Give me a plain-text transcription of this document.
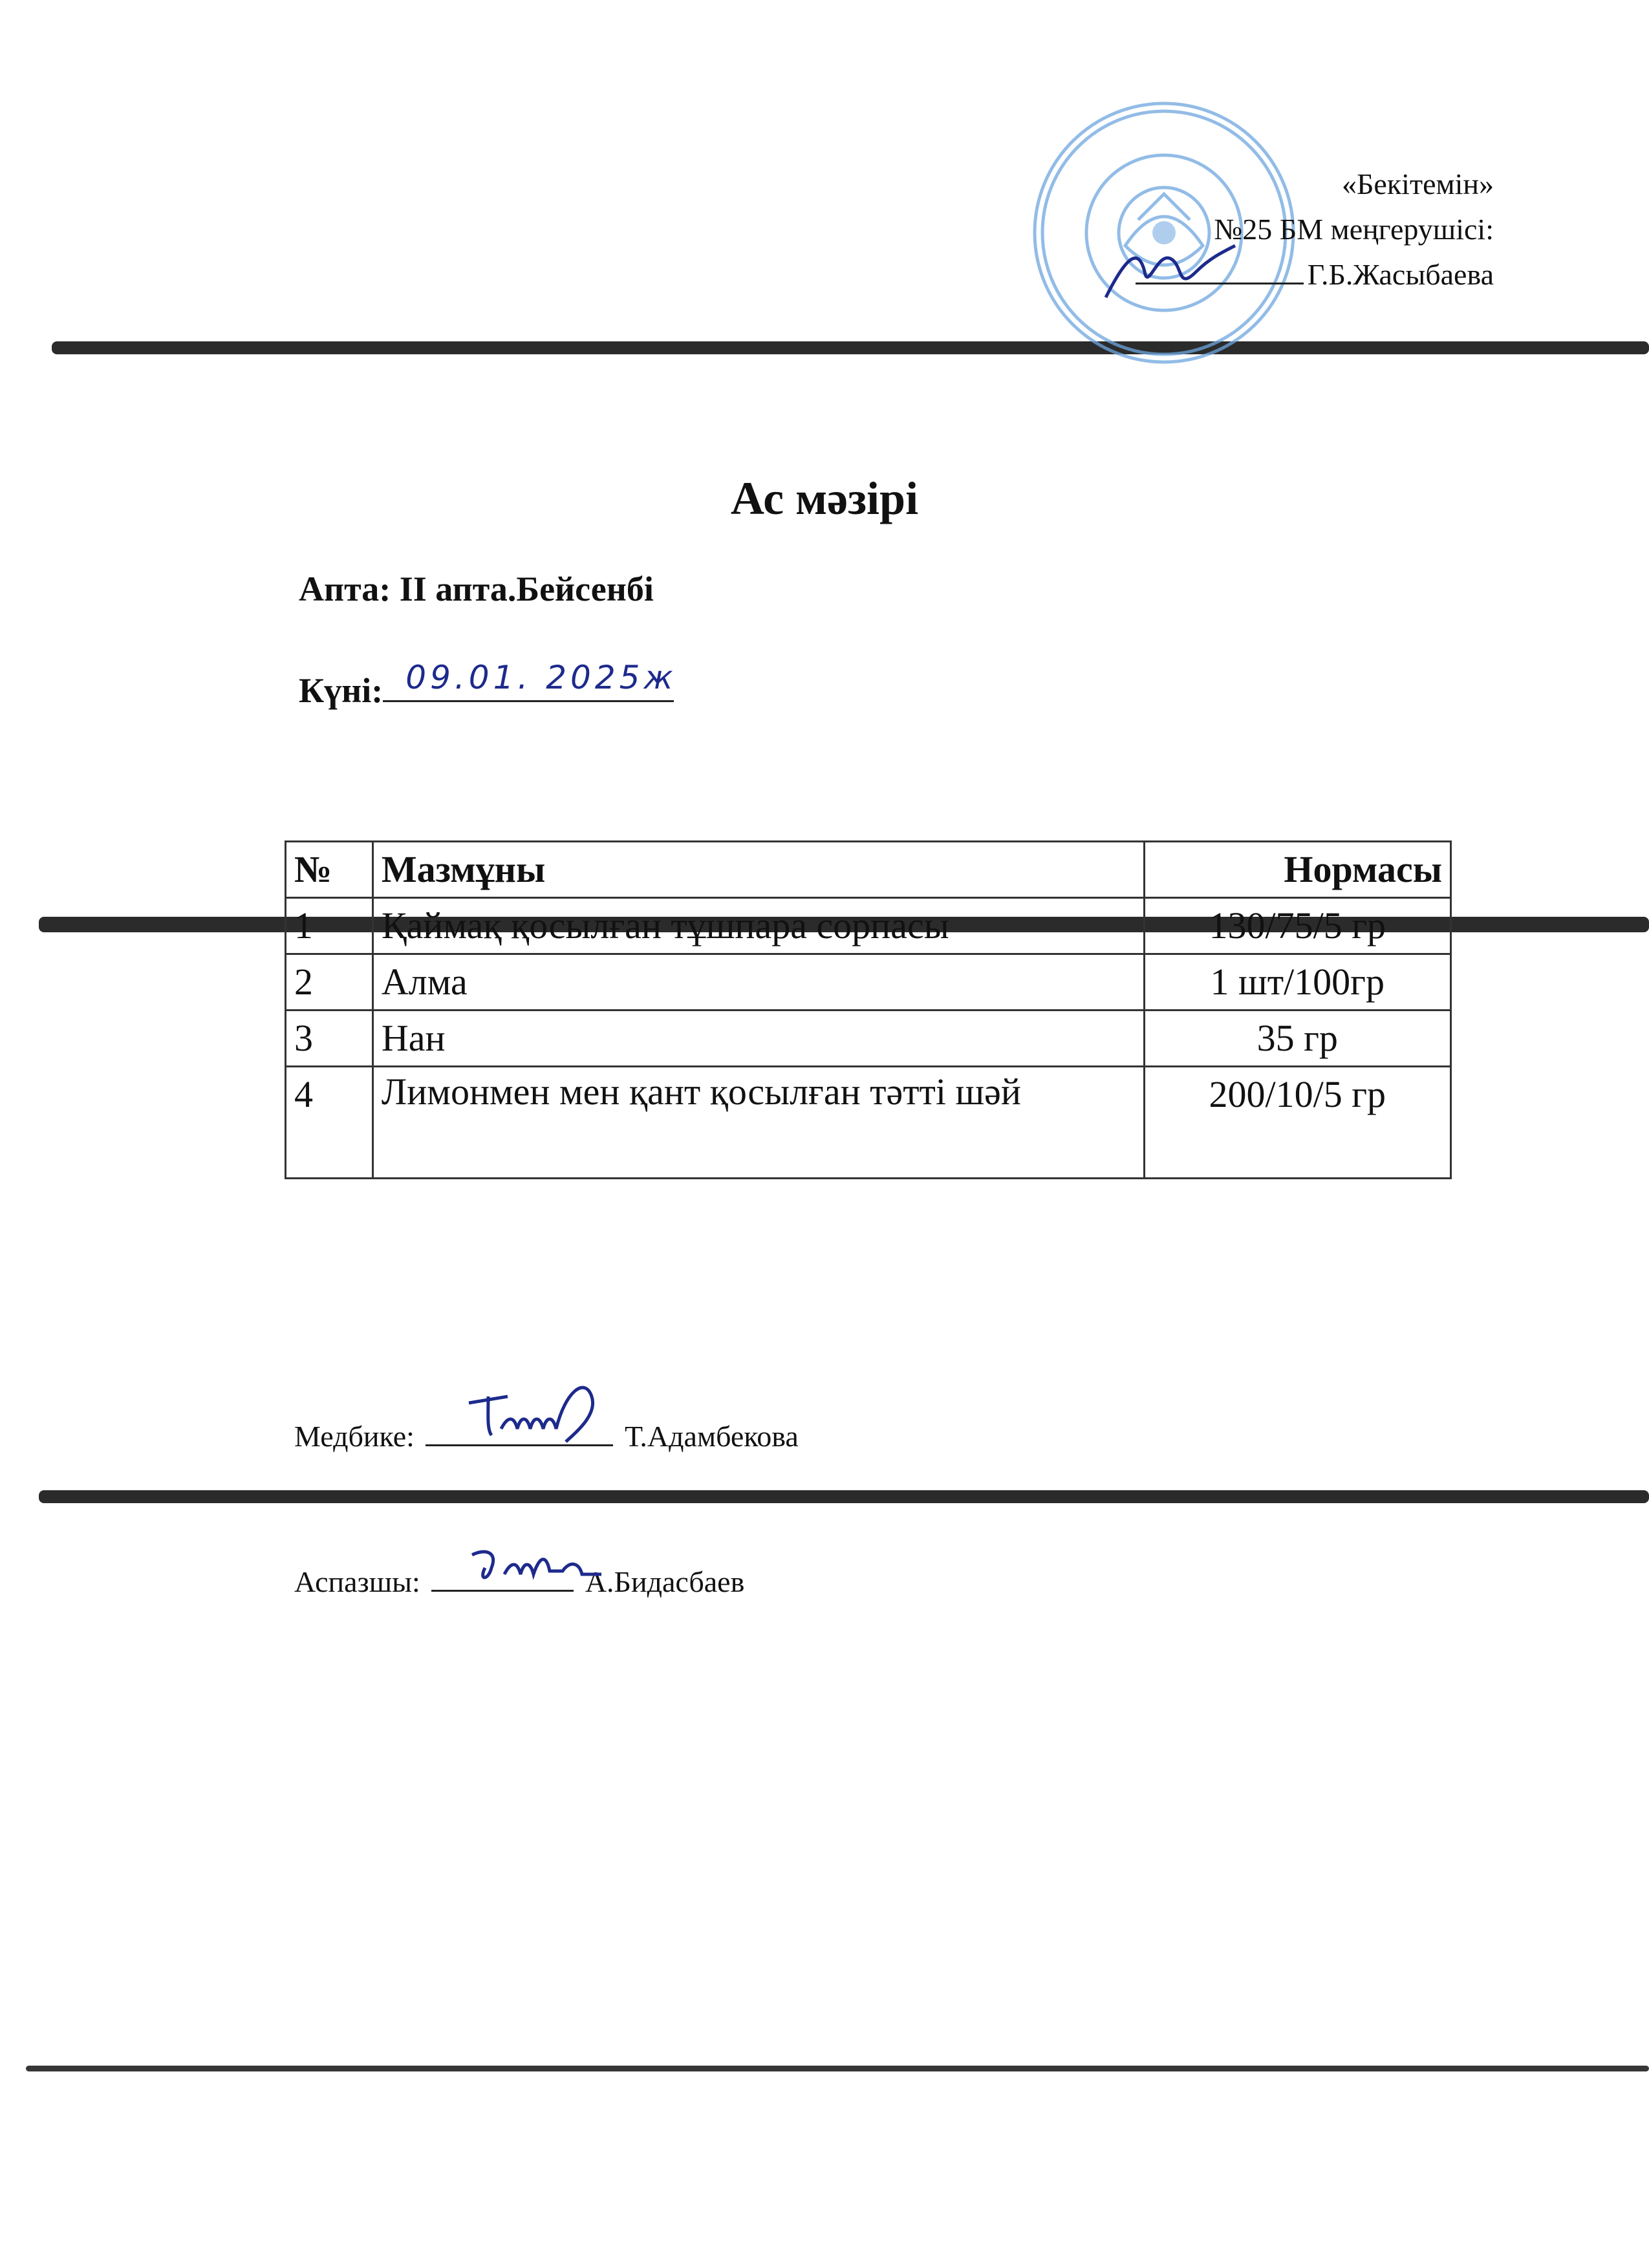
«Бекітемін»
№25 БМ меңгерушісі:
Г.Б.Жасыбаева
Ас мәзірі
Апта: II апта.Бейсенбі
Күні: 09.01. 2025ж
№	Мазмұны	Нормасы
1	Қаймақ қосылған тұшпара сорпасы	130/75/5 гр
2	Алма	1 шт/100гр
3	Нан	35 гр
4	Лимонмен мен қант қосылған тәтті шәй	200/10/5 гр
Медбике:	Т.Адамбекова
Аспазшы:	А.Бидасбаев
